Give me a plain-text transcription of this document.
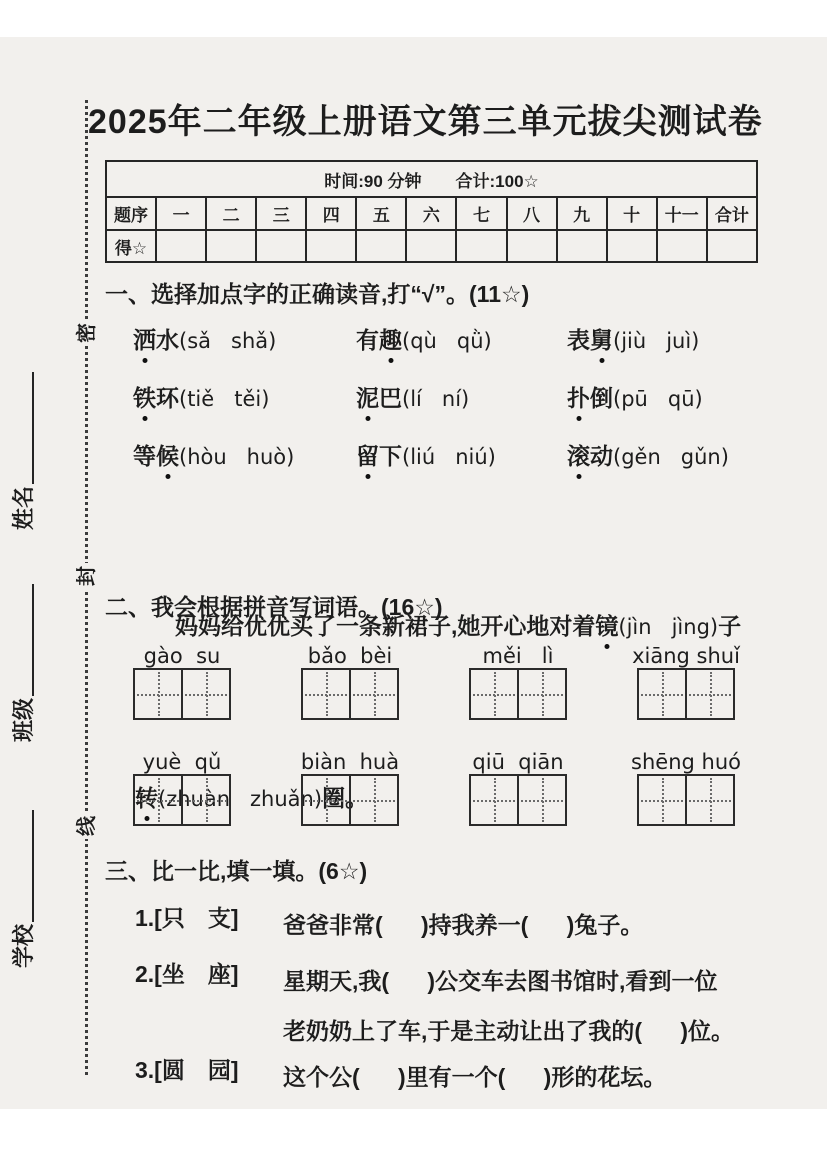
密
封
线
姓名
班级
学校
2025年二年级上册语文第三单元拔尖测试卷
时间:90 分钟　　合计:100☆												
题序	一	二	三	四	五	六	七	八	九	十	十一	合计
得☆												
一、选择加点字的正确读音,打“√”。(11☆)
洒水(sǎ   shǎ)	有趣(qù   qǜ)	表舅(jiù   juì)
铁环(tiě   těi)	泥巴(lí   ní)	扑倒(pū   qū)
等候(hòu   huò)	留下(liú   niú)	滚动(gěn   gǔn)

妈妈给优优买了一条新裙子,她开心地对着镜(jìn   jìng)子

转(zhuàn   zhuǎn)圈。

二、我会根据拼音写词语。(16☆)
gào  su	bǎo  bèi	měi   lì	xiāng shuǐ
yuè  qǔ	biàn  huà	qiū  qiān	shēng huó
三、比一比,填一填。(6☆)
1.[只　支]	爸爸非常(      )持我养一(      )兔子。
2.[坐　座]	星期天,我(      )公交车去图书馆时,看到一位
老奶奶上了车,于是主动让出了我的(      )位。
3.[圆　园]	这个公(      )里有一个(      )形的花坛。
